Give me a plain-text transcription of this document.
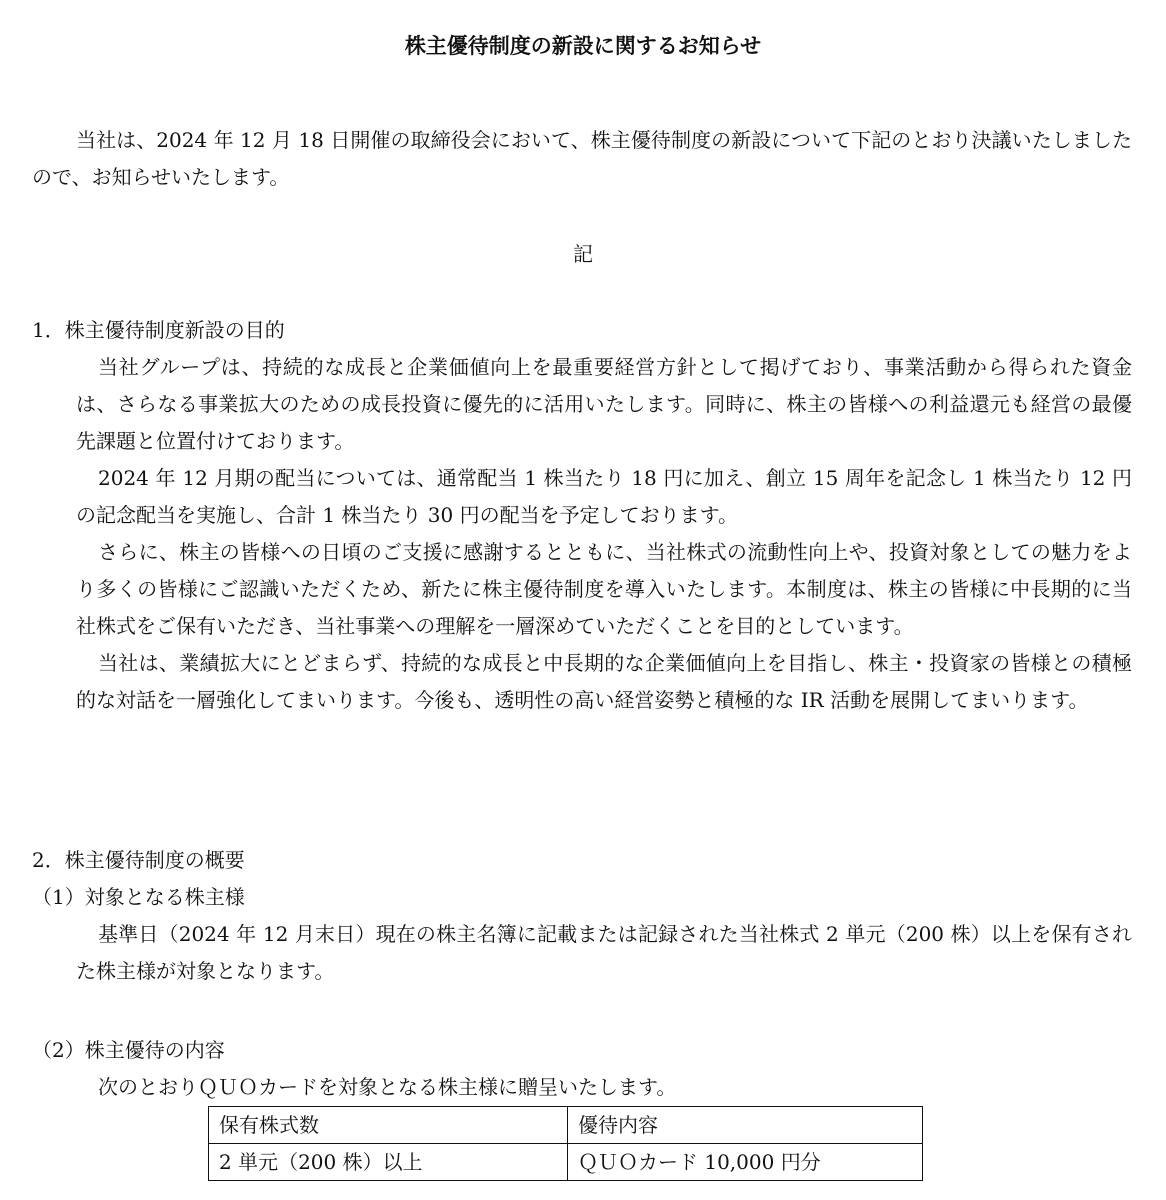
株主優待制度の新設に関するお知らせ
当社は、2024 年 12 月 18 日開催の取締役会において、株主優待制度の新設について下記のとおり決議いたしましたので、お知らせいたします。
記

1．株主優待制度新設の目的

当社グループは、持続的な成長と企業価値向上を最重要経営方針として掲げており、事業活動から得られた資金は、さらなる事業拡大のための成長投資に優先的に活用いたします。同時に、株主の皆様への利益還元も経営の最優先課題と位置付けております。

2024 年 12 月期の配当については、通常配当 1 株当たり 18 円に加え、創立 15 周年を記念し 1 株当たり 12 円の記念配当を実施し、合計 1 株当たり 30 円の配当を予定しております。

さらに、株主の皆様への日頃のご支援に感謝するとともに、当社株式の流動性向上や、投資対象としての魅力をより多くの皆様にご認識いただくため、新たに株主優待制度を導入いたします。本制度は、株主の皆様に中長期的に当社株式をご保有いただき、当社事業への理解を一層深めていただくことを目的としています。

当社は、業績拡大にとどまらず、持続的な成長と中長期的な企業価値向上を目指し、株主・投資家の皆様との積極的な対話を一層強化してまいります。今後も、透明性の高い経営姿勢と積極的な IR 活動を展開してまいります。

2．株主優待制度の概要

（1）対象となる株主様

基準日（2024 年 12 月末日）現在の株主名簿に記載または記録された当社株式 2 単元（200 株）以上を保有された株主様が対象となります。

（2）株主優待の内容

次のとおりＱＵＯカードを対象となる株主様に贈呈いたします。

保有株式数	優待内容
2 単元（200 株）以上	ＱＵＯカード 10,000 円分
